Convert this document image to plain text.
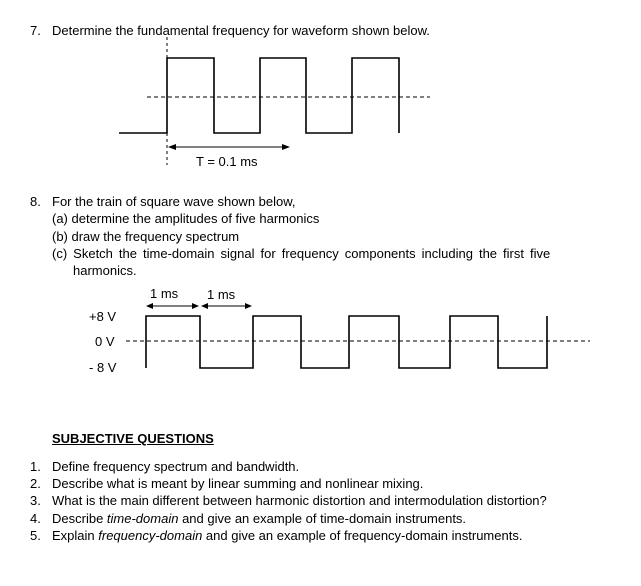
7. Determine the fundamental frequency for waveform shown below.
T = 0.1 ms
8. For the train of square wave shown below,
(a) determine the amplitudes of five harmonics
(b) draw the frequency spectrum
(c) Sketch the time-domain signal for frequency components including the first five
harmonics.
1 ms 1 ms
+8 V
0 V
- 8 V
SUBJECTIVE QUESTIONS
1. Define frequency spectrum and bandwidth.
2. Describe what is meant by linear summing and nonlinear mixing.
3. What is the main different between harmonic distortion and intermodulation distortion?
4. Describe time-domain and give an example of time-domain instruments.
5. Explain frequency-domain and give an example of frequency-domain instruments.
